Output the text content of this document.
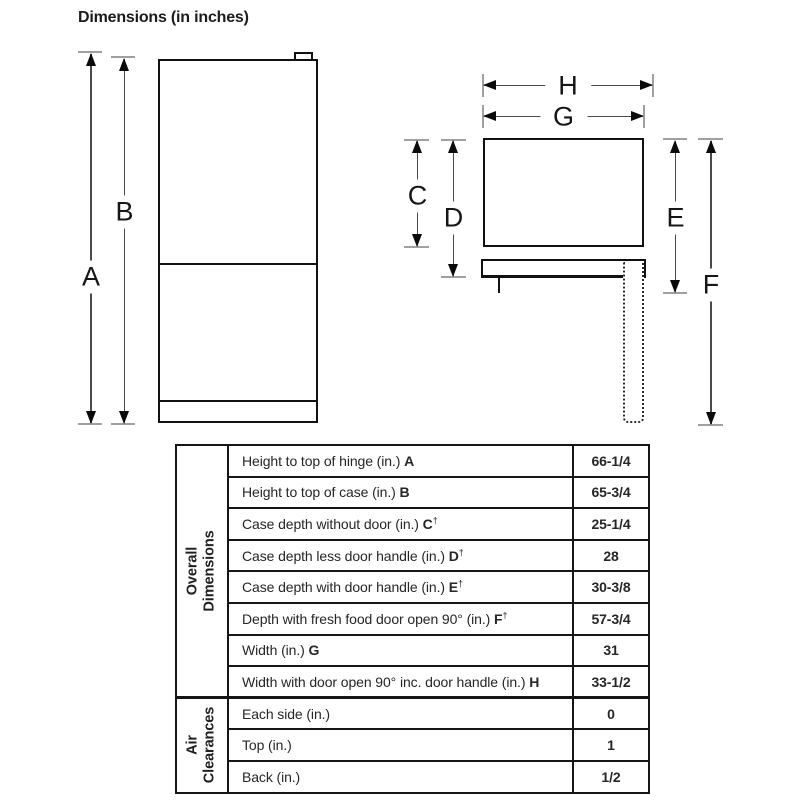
Dimensions (in inches)
A
B
H
G
C
D	E
F
Overall Dimensions	Height to top of hinge (in.) A	66-1/4
	Height to top of case (in.) B	65-3/4
	Case depth without door (in.) C†	25-1/4
	Case depth less door handle (in.) D†	28
	Case depth with door handle (in.) E†	30-3/8
	Depth with fresh food door open 90° (in.) F†	57-3/4
	Width (in.) G	31
	Width with door open 90° inc. door handle (in.) H	33-1/2

Air Clearances	Each side (in.)	0
	Top (in.)	1
	Back (in.)	1/2
